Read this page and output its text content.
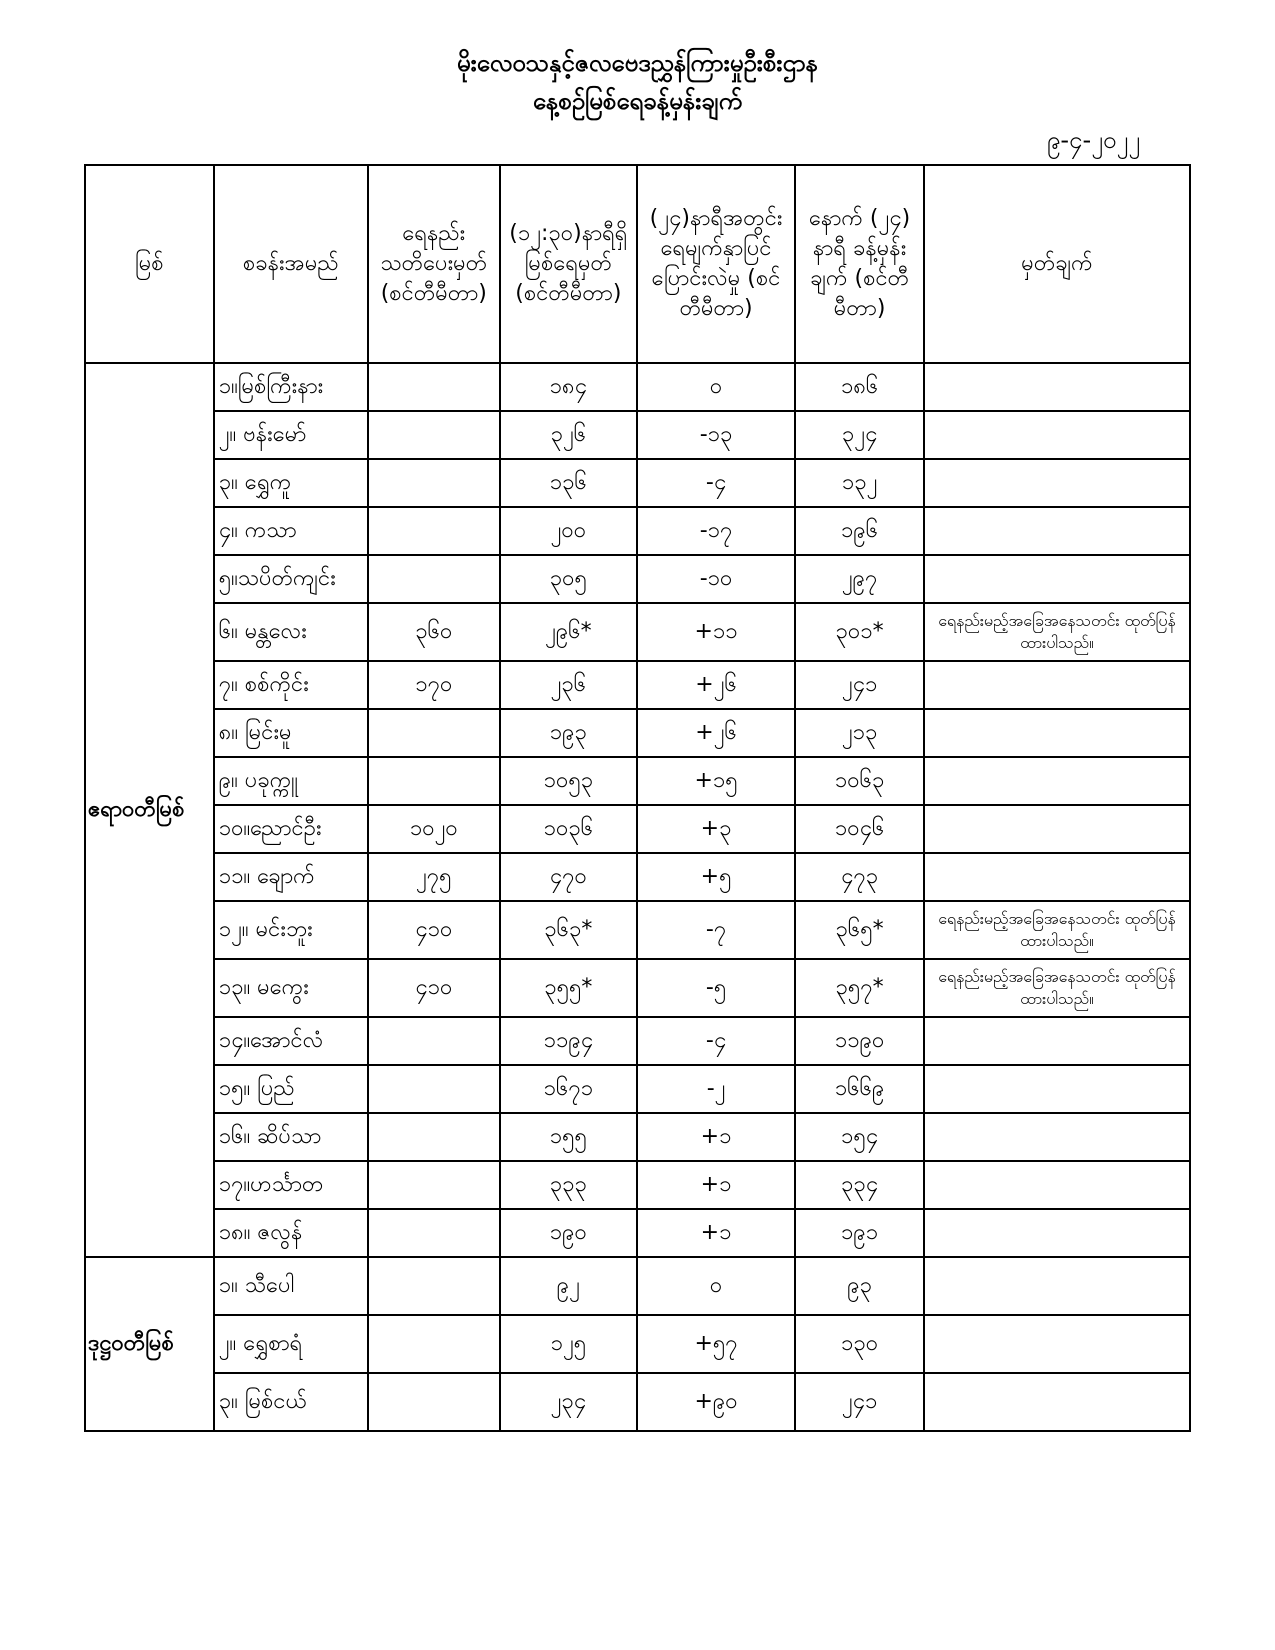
မိုးလေဝသနှင့်ဇလဗေဒညွှန်ကြားမှုဦးစီးဌာန
နေ့စဉ်မြစ်ရေခန့်မှန်းချက်
၉-၄-၂၀၂၂
မြစ်	စခန်းအမည်	ရေနည်း သတိပေးမှတ် (စင်တီမီတာ)	(၁၂:၃၀)နာရီရှိ မြစ်ရေမှတ် (စင်တီမီတာ)	(၂၄)နာရီအတွင်း ရေမျက်နှာပြင် ပြောင်းလဲမှု (စင်တီမီတာ)	နောက် (၂၄) နာရီ ခန့်မှန်းချက် (စင်တီမီတာ)	မှတ်ချက်
ဧရာဝတီမြစ်	၁။မြစ်ကြီးနား		၁၈၄	၀	၁၈၆	
	၂။ ဗန်းမော်		၃၂၆	-၁၃	၃၂၄	
	၃။ ရွှေကူ		၁၃၆	-၄	၁၃၂	
	၄။ ကသာ		၂၀၀	-၁၇	၁၉၆	
	၅။သပိတ်ကျင်း		၃၀၅	-၁၀	၂၉၇	
	၆။ မန္တလေး	၃၆၀	၂၉၆*	+၁၁	၃၀၁*	ရေနည်းမည့်အခြေအနေသတင်း ထုတ်ပြန်ထားပါသည်။
	၇။ စစ်ကိုင်း	၁၇၀	၂၃၆	+၂၆	၂၄၁	
	၈။ မြင်းမူ		၁၉၃	+၂၆	၂၁၃	
	၉။ ပခုက္ကူ		၁၀၅၃	+၁၅	၁၀၆၃	
	၁၀။ညောင်ဦး	၁၀၂၀	၁၀၃၆	+၃	၁၀၄၆	
	၁၁။ ချောက်	၂၇၅	၄၇၀	+၅	၄၇၃	
	၁၂။ မင်းဘူး	၄၁၀	၃၆၃*	-၇	၃၆၅*	ရေနည်းမည့်အခြေအနေသတင်း ထုတ်ပြန်ထားပါသည်။
	၁၃။ မကွေး	၄၁၀	၃၅၅*	-၅	၃၅၇*	ရေနည်းမည့်အခြေအနေသတင်း ထုတ်ပြန်ထားပါသည်။
	၁၄။အောင်လံ		၁၁၉၄	-၄	၁၁၉၀	
	၁၅။ ပြည်		၁၆၇၁	-၂	၁၆၆၉	
	၁၆။ ဆိပ်သာ		၁၅၅	+၁	၁၅၄	
	၁၇။ဟင်္သာတ		၃၃၃	+၁	၃၃၄	
	၁၈။ ဇလွန်		၁၉၀	+၁	၁၉၁	
ဒုဋ္ဌဝတီမြစ်	၁။ သီပေါ		၉၂	၀	၉၃	
	၂။ ရွှေစာရံ		၁၂၅	+၅၇	၁၃၀	
	၃။ မြစ်ငယ်		၂၃၄	+၉၀	၂၄၁	
